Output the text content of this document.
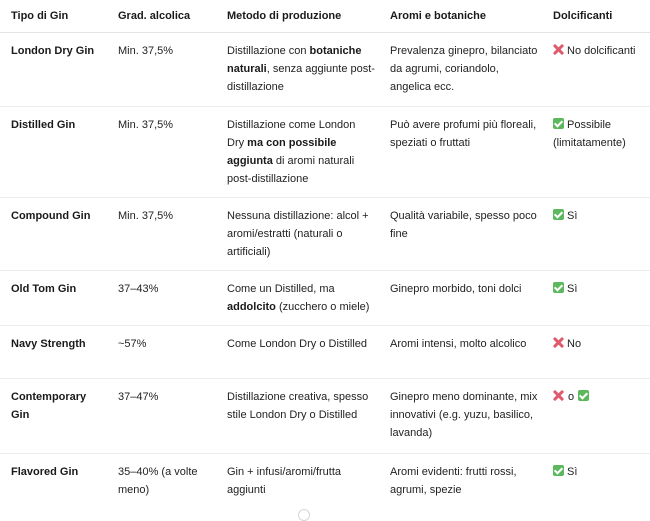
Tipo di Gin	Grad. alcolica	Metodo di produzione	Aromi e botaniche	Dolcificanti
London Dry Gin	Min. 37,5%	Distillazione con botaniche naturali, senza aggiunte post-distillazione	Prevalenza ginepro, bilanciato da agrumi, coriandolo, angelica ecc.	No dolcificanti
Distilled Gin	Min. 37,5%	Distillazione come London Dry ma con possibile aggiunta di aromi naturali post-distillazione	Può avere profumi più floreali, speziati o fruttati	Possibile (limitatamente)
Compound Gin	Min. 37,5%	Nessuna distillazione: alcol + aromi/estratti (naturali o artificiali)	Qualità variabile, spesso poco fine	Sì
Old Tom Gin	37–43%	Come un Distilled, ma addolcito (zucchero o miele)	Ginepro morbido, toni dolci	Sì
Navy Strength	~57%	Come London Dry o Distilled	Aromi intensi, molto alcolico	No
Contemporary Gin	37–47%	Distillazione creativa, spesso stile London Dry o Distilled	Ginepro meno dominante, mix innovativi (e.g. yuzu, basilico, lavanda)	o
Flavored Gin	35–40% (a volte meno)	Gin + infusi/aromi/frutta aggiunti	Aromi evidenti: frutti rossi, agrumi, spezie	Sì
